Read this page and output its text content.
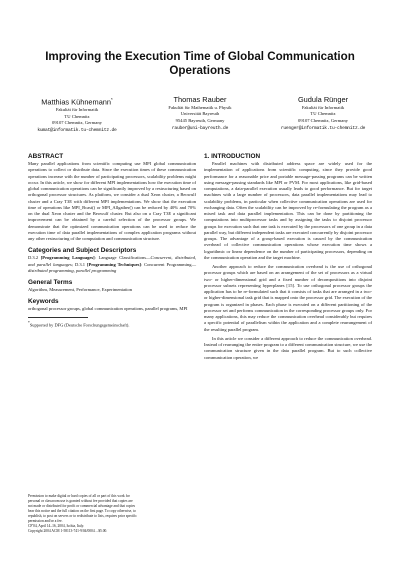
Improving the Execution Time of Global Communication Operations
Matthias Kühnemann*
Fakultät für Informatik
TU Chemnitz
09107 Chemnitz, Germany
kumat@informatik.tu-chemnitz.de
Thomas Rauber
Fakultät für Mathematik u. Physik
Universität Bayreuth
95445 Bayreuth, Germany
rauber@uni-bayreuth.de
Gudula Rünger
Fakultät für Informatik
TU Chemnitz
09107 Chemnitz, Germany
ruenger@informatik.tu-chemnitz.de
ABSTRACT

Many parallel applications from scientific computing use MPI global communication operations to collect or distribute data. Since the execution times of these communication operations increase with the number of participating processors, scalability problems might occur. In this article, we show for different MPI implementations how the execution time of global communication operations can be significantly improved by a restructuring based on orthogonal processor structures. As platform, we consider a dual Xeon cluster, a Beowulf cluster and a Cray T3E with different MPI implementations. We show that the execution time of operations like MPI_Bcast() or MPI_Allgather() can be reduced by 40% and 70% on the dual Xeon cluster and the Beowulf cluster. But also on a Cray T3E a significant improvement can be obtained by a careful selection of the processor groups. We demonstrate that the optimized communication operations can be used to reduce the execution time of data parallel implementations of complex application programs without any other restructuring of the computation and communication structure.

Categories and Subject Descriptors

D.3.2 [Programming Languages]: Language Classifications—Concurrent, distributed, and parallel languages; D.3.1 [Programming Techniques]: Concurrent Programming—distributed programming, parallel programming

General Terms

Algorithm, Measurement, Performance, Experimentation

Keywords

orthogonal processor groups, global communication operations, parallel programs, MPI

*Supported by DFG (Deutsche Forschungsgemeinschaft).
Permission to make digital or hard copies of all or part of this work for
personal or classroom use is granted without fee provided that copies are
not made or distributed for profit or commercial advantage and that copies
bear this notice and the full citation on the first page. To copy otherwise, to
republish, to post on servers or to redistribute to lists, requires prior specific
permission and/or a fee.
CF'04, April 14–16, 2004, Ischia, Italy.
Copyright 2004 ACM 1-58113-741-9/04/0004 ...$5.00.
1. INTRODUCTION

Parallel machines with distributed address space are widely used for the implementation of applications from scientific computing, since they provide good performance for a reasonable price and portable message-passing programs can be written using message-passing standards like MPI or PVM. For most applications, like grid-based computations, a data-parallel execution usually leads to good performance. But for target machines with a large number of processors, data parallel implementations may lead to scalability problems, in particular when collective communication operations are used for exchanging data. Often the scalability can be improved by re-formulating the program as a mixed task and data parallel implementation. This can be done by partitioning the computations into multiprocessor tasks and by assigning the tasks to disjoint processor groups for execution such that one task is executed by the processors of one group in a data parallel way, but different independent tasks are executed concurrently by disjoint processor groups. The advantage of a group-based execution is caused by the communication overhead of collective communication operations whose execution time shows a logarithmic or linear dependence on the number of participating processors, depending on the communication operation and the target machine.

Another approach to reduce the communication overhead is the use of orthogonal processor groups which are based on an arrangement of the set of processors as a virtual two- or higher-dimensional grid and a fixed number of decompositions into disjoint processor subsets representing hyperplanes [15]. To use orthogonal processor groups the application has to be re-formulated such that it consists of tasks that are arranged in a two- or higher-dimensional task grid that is mapped onto the processor grid. The execution of the program is organized in phases. Each phase is executed on a different partitioning of the processor set and performs communication in the corresponding processor groups only. For many applications, this may reduce the communication overhead considerably but requires a specific potential of parallelism within the application and a complete rearrangement of the resulting parallel program.

In this article we consider a different approach to reduce the communication overhead. Instead of rearranging the entire program to a different communication structure, we use the communication structure given in the data parallel program. But to such collective communication operation, we
